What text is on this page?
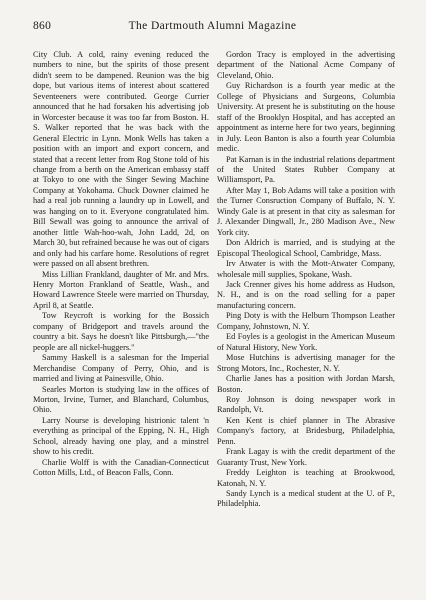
860	The Dartmouth Alumni Magazine

City Club. A cold, rainy evening reduced the numbers to nine, but the spirits of those present didn't seem to be dampened. Reunion was the big dope, but various items of interest about scattered Seventeeners were contributed. George Currier announced that he had forsaken his advertising job in Worcester because it was too far from Boston. H. S. Walker reported that he was back with the General Electric in Lynn. Monk Wells has taken a position with an import and export concern, and stated that a recent letter from Rog Stone told of his change from a berth on the American embassy staff at Tokyo to one with the Singer Sewing Machine Company at Yokohama. Chuck Downer claimed he had a real job running a laundry up in Lowell, and was hanging on to it. Everyone congratulated him. Bill Sewall was going to announce the arrival of another little Wah-hoo-wah, John Ladd, 2d, on March 30, but refrained because he was out of cigars and only had his carfare home. Resolutions of regret were passed on all absent brethren.

Miss Lillian Frankland, daughter of Mr. and Mrs. Henry Morton Frankland of Seattle, Wash., and Howard Lawrence Steele were married on Thursday, April 8, at Seattle.

Tow Reycroft is working for the Bossich company of Bridgeport and travels around the country a bit. Says he doesn't like Pittsburgh,—"the people are all nickel-huggers."

Sammy Haskell is a salesman for the Imperial Merchandise Company of Perry, Ohio, and is married and living at Painesville, Ohio.

Searles Morton is studying law in the offices of Morton, Irvine, Turner, and Blanchard, Columbus, Ohio.

Larry Nourse is developing histrionic talent 'n everything as principal of the Epping, N. H., High School, already having one play, and a minstrel show to his credit.

Charlie Wolff is with the Canadian-Connecticut Cotton Mills, Ltd., of Beacon Falls, Conn.

Gordon Tracy is employed in the advertising department of the National Acme Company of Cleveland, Ohio.

Guy Richardson is a fourth year medic at the College of Physicians and Surgeons, Columbia University. At present he is substituting on the house staff of the Brooklyn Hospital, and has accepted an appointment as interne here for two years, beginning in July. Leon Banton is also a fourth year Columbia medic.

Pat Karnan is in the industrial relations department of the United States Rubber Company at Williamsport, Pa.

After May 1, Bob Adams will take a position with the Turner Consruction Company of Buffalo, N. Y. Windy Gale is at present in that city as salesman for J. Alexander Dingwall, Jr., 280 Madison Ave., New York city.

Don Aldrich is married, and is studying at the Episcopal Theological School, Cambridge, Mass.

Irv Atwater is with the Mott-Atwater Company, wholesale mill supplies, Spokane, Wash.

Jack Crenner gives his home address as Hudson, N. H., and is on the road selling for a paper manufacturing concern.

Ping Doty is with the Helburn Thompson Leather Company, Johnstown, N. Y.

Ed Foyles is a geologist in the American Museum of Natural History, New York.

Mose Hutchins is advertising manager for the Strong Motors, Inc., Rochester, N. Y.

Charlie Janes has a position with Jordan Marsh, Boston.

Roy Johnson is doing newspaper work in Randolph, Vt.

Ken Kent is chief planner in The Abrasive Company's factory, at Bridesburg, Philadelphia, Penn.

Frank Lagay is with the credit department of the Guaranty Trust, New York.

Freddy Leighton is teaching at Brookwood, Katonah, N. Y.

Sandy Lynch is a medical student at the U. of P., Philadelphia.
